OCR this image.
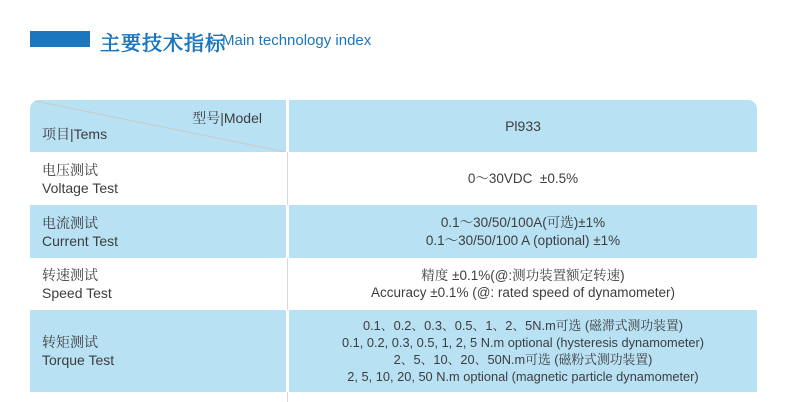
主要技术指标
Main technology index
型号|Model
项目|Tems	Pl933
电压测试
Voltage Test
0～30VDC  ±0.5%
电流测试
Current Test
0.1～30/50/100A(可选)±1%
0.1～30/50/100 A (optional) ±1%
转速测试
Speed Test
精度 ±0.1%(@:测功装置额定转速)
Accuracy ±0.1% (@: rated speed of dynamometer)
转矩测试
Torque Test
0.1、0.2、0.3、0.5、1、2、5N.m可选 (磁滞式测功装置)
0.1, 0.2, 0.3, 0.5, 1, 2, 5 N.m optional (hysteresis dynamometer)
2、5、10、20、50N.m可选 (磁粉式测功装置)
2, 5, 10, 20, 50 N.m optional (magnetic particle dynamometer)
